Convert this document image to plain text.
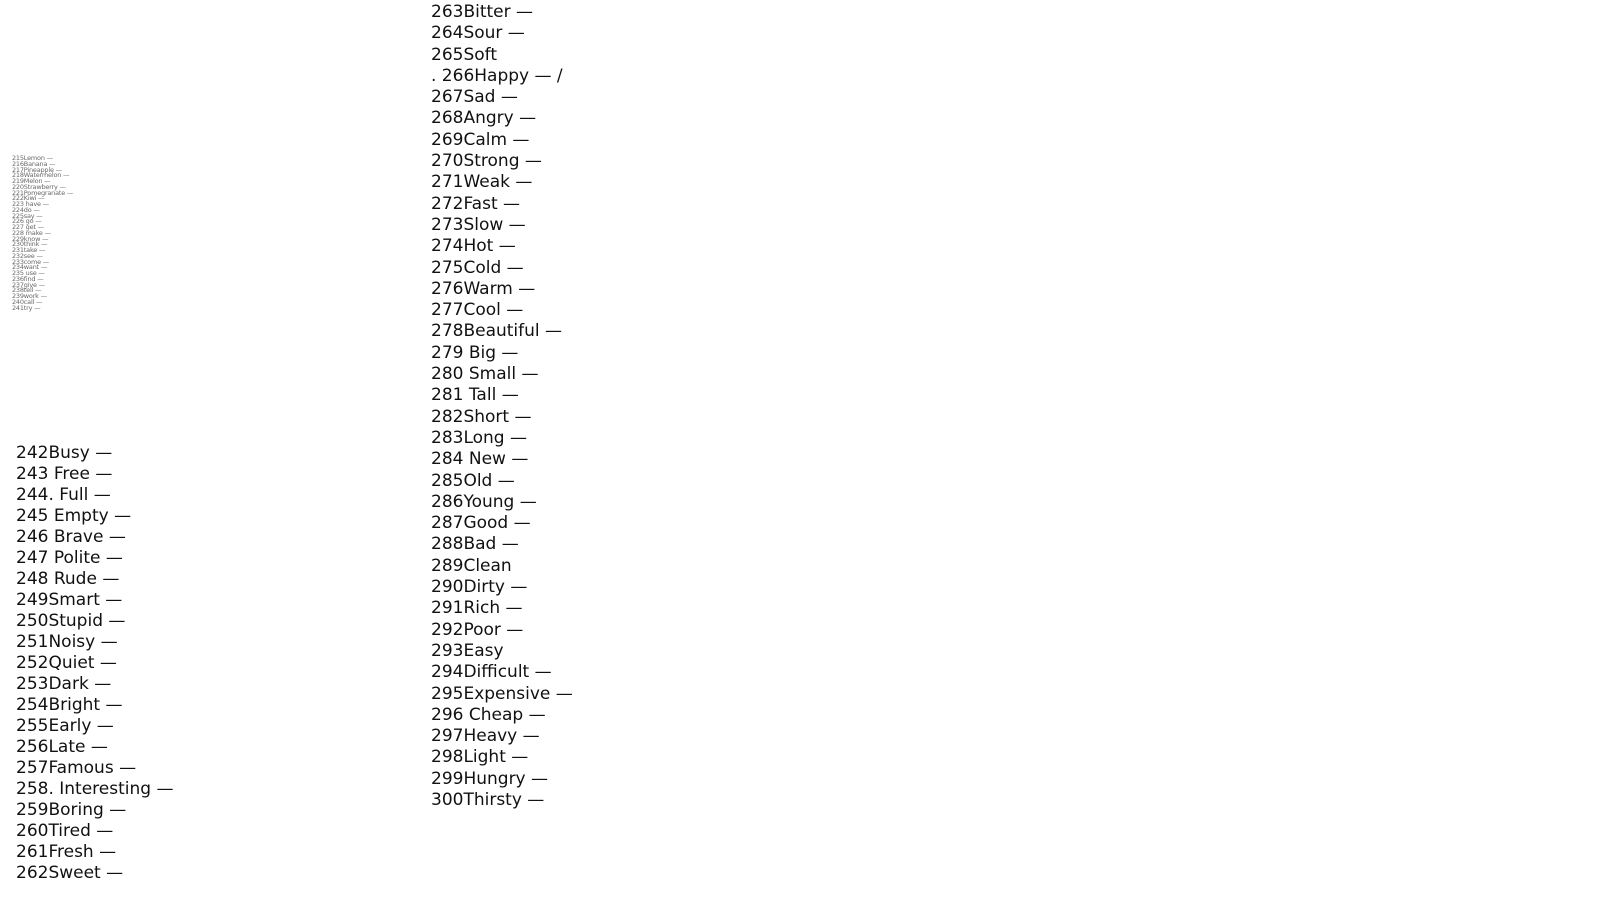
215Lemon —
216Banana —
217Pineapple —
218Watermelon —
219Melon —
220Strawberry —
221Pomegranate —
222Kiwi —
223 have —
224do —
225say —
226 go —
227 get —
228 make —
229know —
230think —
231take —
232see —
233come —
234want —
235 use —
236find —
237give —
238tell —
239work —
240call —
241try —
242Busy —
243 Free —
244. Full —
245 Empty —
246 Brave —
247 Polite —
248 Rude —
249Smart —
250Stupid —
251Noisy —
252Quiet —
253Dark —
254Bright —
255Early —
256Late —
257Famous —
258. Interesting —
259Boring —
260Tired —
261Fresh —
262Sweet —
263Bitter —
264Sour —
265Soft
. 266Happy — /
267Sad —
268Angry —
269Calm —
270Strong —
271Weak —
272Fast —
273Slow —
274Hot —
275Cold —
276Warm —
277Cool —
278Beautiful —
279 Big —
280 Small —
281 Tall —
282Short —
283Long —
284 New —
285Old —
286Young —
287Good —
288Bad —
289Clean
290Dirty —
291Rich —
292Poor —
293Easy
294Difficult —
295Expensive —
296 Cheap —
297Heavy —
298Light —
299Hungry —
300Thirsty —
